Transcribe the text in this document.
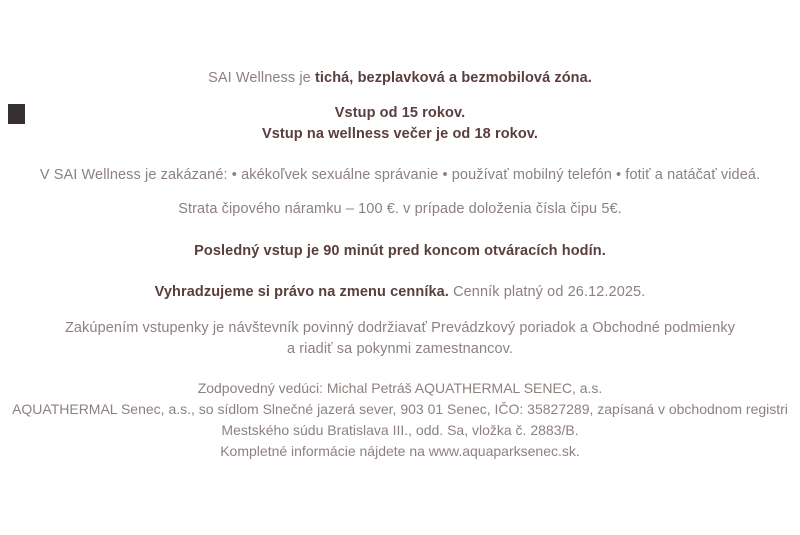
SAI Wellness je tichá, bezplavková a bezmobilová zóna.

Vstup od 15 rokov.

Vstup na wellness večer je od 18 rokov.

V SAI Wellness je zakázané: • akékoľvek sexuálne správanie • používať mobilný telefón • fotiť a natáčať videá.

Strata čipového náramku – 100 €. v prípade doloženia čísla čipu 5€.

Posledný vstup je 90 minút pred koncom otváracích hodín.

Vyhradzujeme si právo na zmenu cenníka. Cenník platný od 26.12.2025.

Zakúpením vstupenky je návštevník povinný dodržiavať Prevádzkový poriadok a Obchodné podmienky

a riadiť sa pokynmi zamestnancov.

Zodpovedný vedúci: Michal Petráš AQUATHERMAL SENEC, a.s.

AQUATHERMAL Senec, a.s., so sídlom Slnečné jazerá sever, 903 01 Senec, IČO: 35827289, zapísaná v obchodnom registri

Mestského súdu Bratislava III., odd. Sa, vložka č. 2883/B.

Kompletné informácie nájdete na www.aquaparksenec.sk.
